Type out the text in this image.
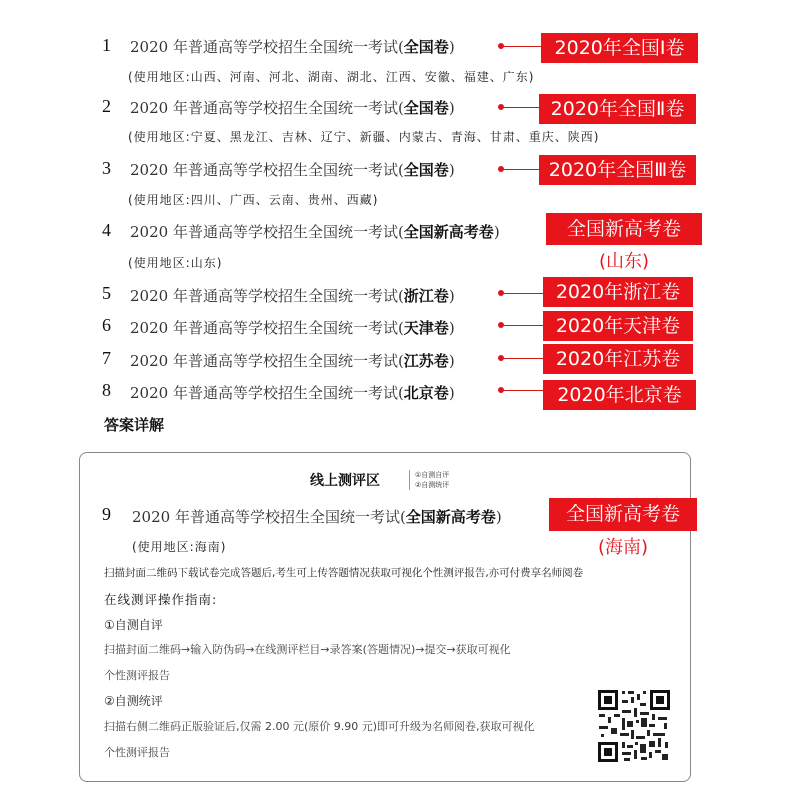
1 2020 年普通高等学校招生全国统一考试(全国卷)	2020年全国Ⅰ卷
(使用地区:山西、河南、河北、湖南、湖北、江西、安徽、福建、广东)
2 2020 年普通高等学校招生全国统一考试(全国卷)	2020年全国Ⅱ卷
(使用地区:宁夏、黑龙江、吉林、辽宁、新疆、内蒙古、青海、甘肃、重庆、陕西)
3 2020 年普通高等学校招生全国统一考试(全国卷)	2020年全国Ⅲ卷
(使用地区:四川、广西、云南、贵州、西藏)
4 2020 年普通高等学校招生全国统一考试(全国新高考卷)	全国新高考卷
(山东)
(使用地区:山东)
5 2020 年普通高等学校招生全国统一考试(浙江卷)	2020年浙江卷
6 2020 年普通高等学校招生全国统一考试(天津卷)	2020年天津卷
7 2020 年普通高等学校招生全国统一考试(江苏卷)	2020年江苏卷
8 2020 年普通高等学校招生全国统一考试(北京卷)	2020年北京卷
答案详解
线上测评区	①自测自评
②自测统评
9 2020 年普通高等学校招生全国统一考试(全国新高考卷)	全国新高考卷
(海南)
(使用地区:海南)
扫描封面二维码下载试卷完成答题后,考生可上传答题情况获取可视化个性测评报告,亦可付费享名师阅卷
在线测评操作指南:
①自测自评
扫描封面二维码→输入防伪码→在线测评栏目→录答案(答题情况)→提交→获取可视化
个性测评报告
②自测统评
扫描右侧二维码正版验证后,仅需 2.00 元(原价 9.90 元)即可升级为名师阅卷,获取可视化
个性测评报告
